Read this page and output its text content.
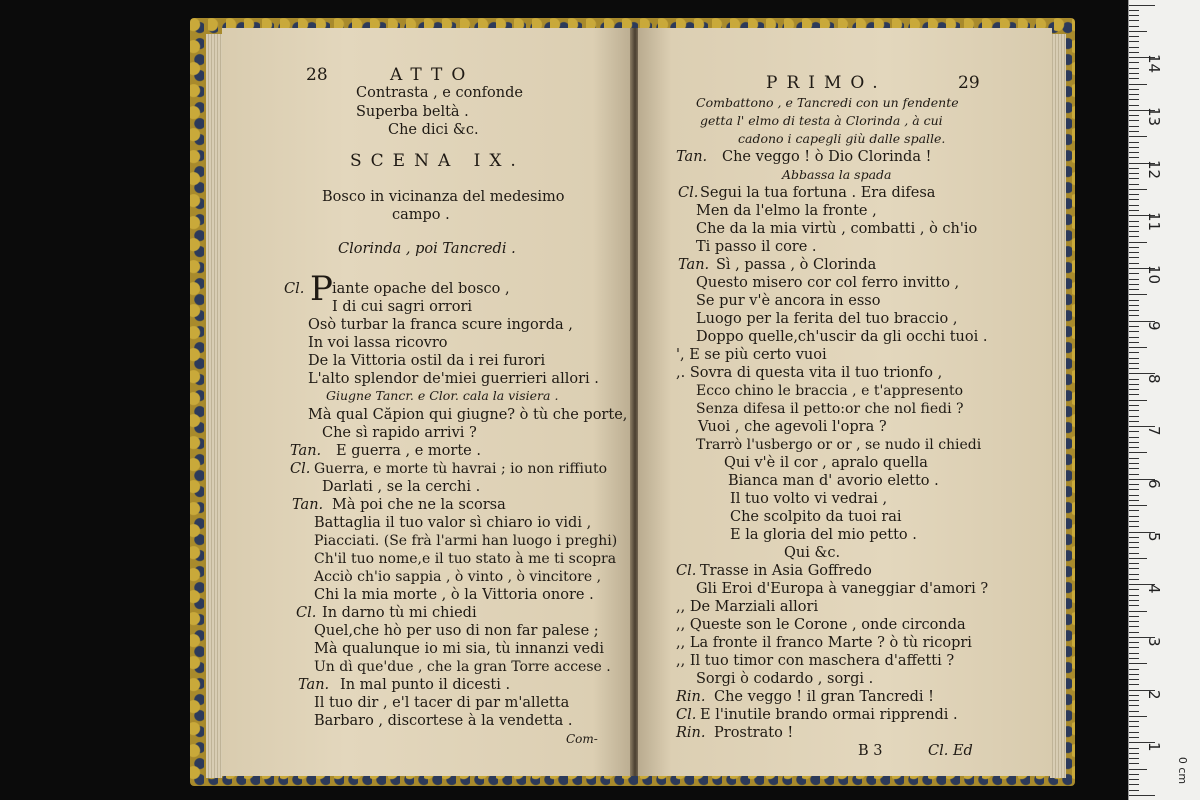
28	ATTO
Contrasta , e confonde
Superba beltà .
Che dici &c.
SCENA IX.
Bosco in vicinanza del medesimo
campo .
Clorinda , poi Tancredi .
Cl. P iante opache del bosco ,
I di cui sagri orrori
Osò turbar la franca scure ingorda ,
In voi lassa ricovro
De la Vittoria ostil da i rei furori
L'alto splendor de'miei guerrieri allori .
Giugne Tancr. e Clor. cala la visiera .
Mà qual Căpion qui giugne? ò tù che porte,
Che sì rapido arrivi ?
Tan. E guerra , e morte .
Cl. Guerra, e morte tù havrai ; io non riffiuto
Darlati , se la cerchi .
Tan. Mà poi che ne la scorsa
Battaglia il tuo valor sì chiaro io vidi ,
Piacciati. (Se frà l'armi han luogo i preghi)
Ch'il tuo nome,e il tuo stato à me ti scopra
Acciò ch'io sappia , ò vinto , ò vincitore ,
Chi la mia morte , ò la Vittoria onore .
Cl. In darno tù mi chiedi
Quel,che hò per uso di non far palese ;
Mà qualunque io mi sia, tù innanzi vedi
Un dì que'due , che la gran Torre accese .
Tan. In mal punto il dicesti .
Il tuo dir , e'l tacer di par m'alletta
Barbaro , discortese à la vendetta .
Com-
PRIMO.	29
Combattono , e Tancredi con un fendente
getta l' elmo di testa à Clorinda , à cui
cadono i capegli giù dalle spalle.
Tan. Che veggo ! ò Dio Clorinda !
Abbassa la spada
Cl. Segui la tua fortuna . Era difesa
Men da l'elmo la fronte ,
Che da la mia virtù , combatti , ò ch'io
Ti passo il core .
Tan. Sì , passa , ò Clorinda
Questo misero cor col ferro invitto ,
Se pur v'è ancora in esso
Luogo per la ferita del tuo braccio ,
Doppo quelle,ch'uscir da gli occhi tuoi .
', E se più certo vuoi
,. Sovra di questa vita il tuo trionfo ,
Ecco chino le braccia , e t'appresento
Senza difesa il petto:or che nol fiedi ?
Vuoi , che agevoli l'opra ?
Trarrò l'usbergo or or , se nudo il chiedi
Qui v'è il cor , apralo quella
Bianca man d' avorio eletto .
Il tuo volto vi vedrai ,
Che scolpito da tuoi rai
E la gloria del mio petto .
Qui &c.
Cl. Trasse in Asia Goffredo
Gli Eroi d'Europa à vaneggiar d'amori ?
,, De Marziali allori
,, Queste son le Corone , onde circonda
,, La fronte il franco Marte ? ò tù ricopri
,, Il tuo timor con maschera d'affetti ?
Sorgi ò codardo , sorgi .
Rin. Che veggo ! il gran Tancredi !
Cl. E l'inutile brando ormai ripprendi .
Rin. Prostrato !
B 3	Cl. Ed	1
2
3
4
5
6
7
8
9
10
11
12
13
14
0 cm
